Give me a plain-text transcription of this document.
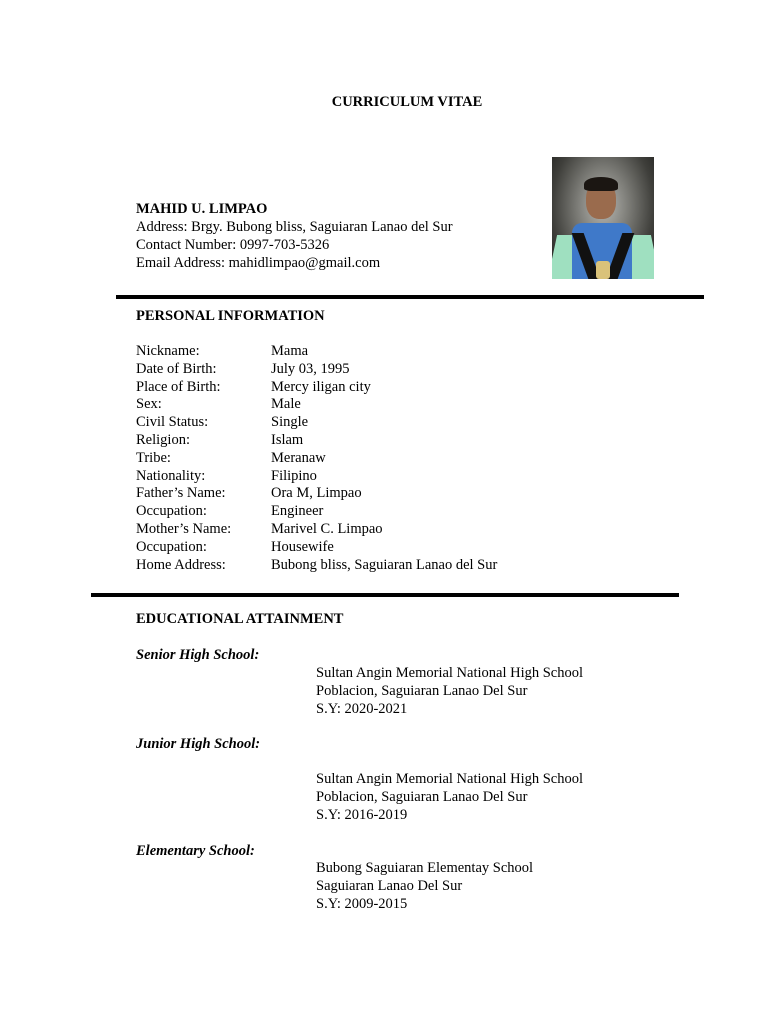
CURRICULUM VITAE
MAHID U. LIMPAO
Address: Brgy. Bubong bliss, Saguiaran Lanao del Sur
Contact Number: 0997-703-5326
Email Address: mahidlimpao@gmail.com
PERSONAL INFORMATION
Nickname:	Mama
Date of Birth:	July 03, 1995
Place of Birth:	Mercy iligan city
Sex:	Male
Civil Status:	Single
Religion:	Islam
Tribe:	Meranaw
Nationality:	Filipino
Father’s Name:	Ora M, Limpao
Occupation:	Engineer
Mother’s Name:	Marivel C. Limpao
Occupation:	Housewife
Home Address:	Bubong bliss, Saguiaran Lanao del Sur
EDUCATIONAL ATTAINMENT
Senior High School:
Sultan Angin Memorial National High School
Poblacion, Saguiaran Lanao Del Sur
S.Y: 2020-2021
Junior High School:
Sultan Angin Memorial National High School
Poblacion, Saguiaran Lanao Del Sur
S.Y: 2016-2019
Elementary School:
Bubong Saguiaran Elementay School
Saguiaran Lanao Del Sur
S.Y: 2009-2015
